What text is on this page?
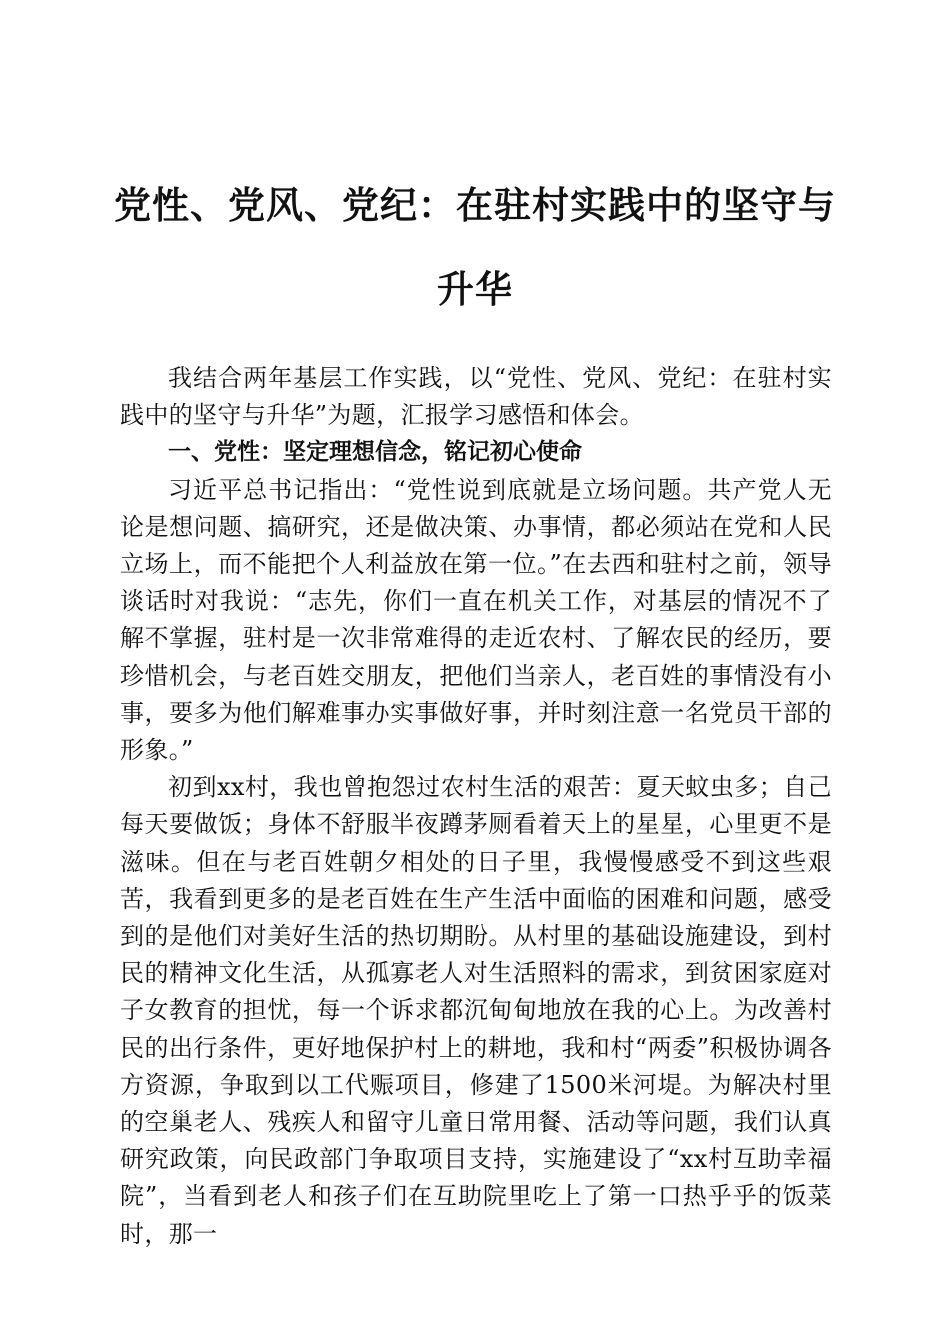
党性、党风、党纪：在驻村实践中的坚守与升华

我结合两年基层工作实践，以“党性、党风、党纪：在驻村实践中的坚守与升华”为题，汇报学习感悟和体会。

一、党性：坚定理想信念，铭记初心使命

习近平总书记指出：“党性说到底就是立场问题。共产党人无论是想问题、搞研究，还是做决策、办事情，都必须站在党和人民立场上，而不能把个人利益放在第一位。”在去西和驻村之前，领导谈话时对我说：“志先，你们一直在机关工作，对基层的情况不了解不掌握，驻村是一次非常难得的走近农村、了解农民的经历，要珍惜机会，与老百姓交朋友，把他们当亲人，老百姓的事情没有小事，要多为他们解难事办实事做好事，并时刻注意一名党员干部的形象。”

初到xx村，我也曾抱怨过农村生活的艰苦：夏天蚊虫多；自己每天要做饭；身体不舒服半夜蹲茅厕看着天上的星星，心里更不是滋味。但在与老百姓朝夕相处的日子里，我慢慢感受不到这些艰苦，我看到更多的是老百姓在生产生活中面临的困难和问题，感受到的是他们对美好生活的热切期盼。从村里的基础设施建设，到村民的精神文化生活，从孤寡老人对生活照料的需求，到贫困家庭对子女教育的担忧，每一个诉求都沉甸甸地放在我的心上。为改善村民的出行条件，更好地保护村上的耕地，我和村“两委”积极协调各方资源，争取到以工代赈项目，修建了1500米河堤。为解决村里的空巢老人、残疾人和留守儿童日常用餐、活动等问题，我们认真研究政策，向民政部门争取项目支持，实施建设了“xx村互助幸福院”，当看到老人和孩子们在互助院里吃上了第一口热乎乎的饭菜时，那一
